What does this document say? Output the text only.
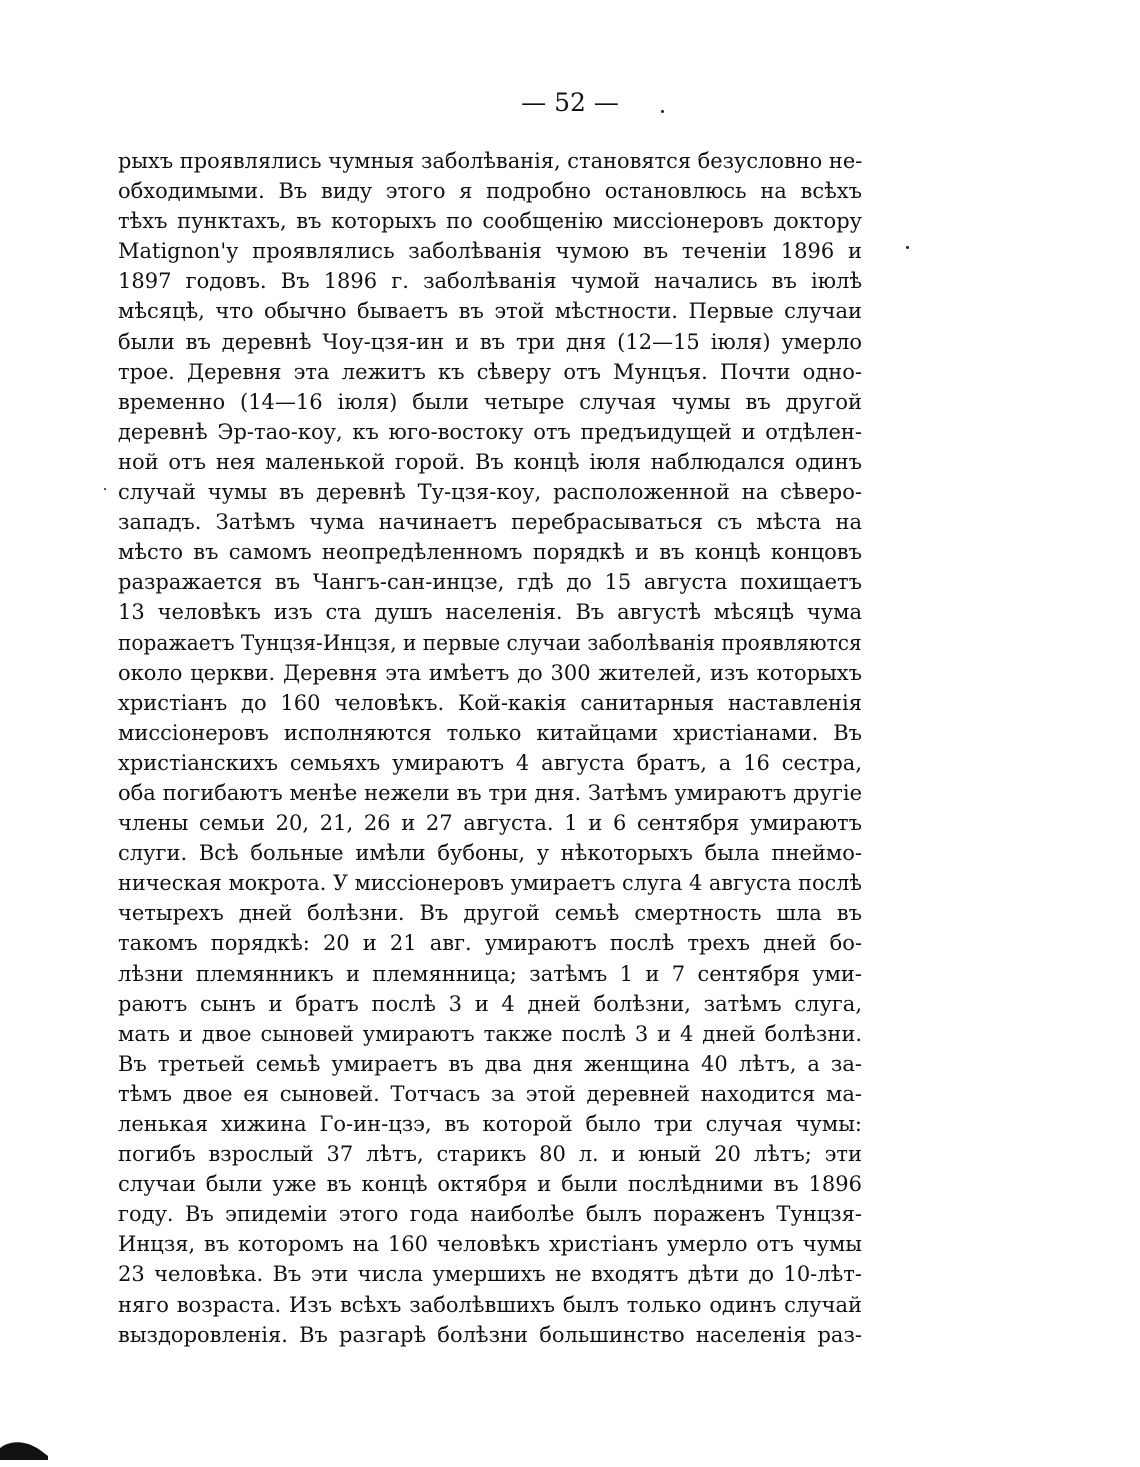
— 52 —
рыхъ проявлялись чумныя заболѣванія, становятся безусловно не-
обходимыми. Въ виду этого я подробно остановлюсь на всѣхъ
тѣхъ пунктахъ, въ которыхъ по сообщенію миссіонеровъ доктору
Matignon'у проявлялись заболѣванія чумою въ теченіи 1896 и
1897 годовъ. Въ 1896 г. заболѣванія чумой начались въ іюлѣ
мѣсяцѣ, что обычно бываетъ въ этой мѣстности. Первые случаи
были въ деревнѣ Чоу-цзя-ин и въ три дня (12—15 іюля) умерло
трое. Деревня эта лежитъ къ сѣверу отъ Мунцъя. Почти одно-
временно (14—16 іюля) были четыре случая чумы въ другой
деревнѣ Эр-тао-коу, къ юго-востоку отъ предъидущей и отдѣлен-
ной отъ нея маленькой горой. Въ концѣ іюля наблюдался одинъ
случай чумы въ деревнѣ Ту-цзя-коу, расположенной на сѣверо-
западъ. Затѣмъ чума начинаетъ перебрасываться съ мѣста на
мѣсто въ самомъ неопредѣленномъ порядкѣ и въ концѣ концовъ
разражается въ Чангъ-сан-инцзе, гдѣ до 15 августа похищаетъ
13 человѣкъ изъ ста душъ населенія. Въ августѣ мѣсяцѣ чума
поражаетъ Тунцзя-Инцзя, и первые случаи заболѣванія проявляются
около церкви. Деревня эта имѣетъ до 300 жителей, изъ которыхъ
христіанъ до 160 человѣкъ. Кой-какія санитарныя наставленія
миссіонеровъ исполняются только китайцами христіанами. Въ
христіанскихъ семьяхъ умираютъ 4 августа братъ, а 16 сестра,
оба погибаютъ менѣе нежели въ три дня. Затѣмъ умираютъ другіе
члены семьи 20, 21, 26 и 27 августа. 1 и 6 сентября умираютъ
слуги. Всѣ больные имѣли бубоны, у нѣкоторыхъ была пнеймо-
ническая мокрота. У миссіонеровъ умираетъ слуга 4 августа послѣ
четырехъ дней болѣзни. Въ другой семьѣ смертность шла въ
такомъ порядкѣ: 20 и 21 авг. умираютъ послѣ трехъ дней бо-
лѣзни племянникъ и племянница; затѣмъ 1 и 7 сентября уми-
раютъ сынъ и братъ послѣ 3 и 4 дней болѣзни, затѣмъ слуга,
мать и двое сыновей умираютъ также послѣ 3 и 4 дней болѣзни.
Въ третьей семьѣ умираетъ въ два дня женщина 40 лѣтъ, а за-
тѣмъ двое ея сыновей. Тотчасъ за этой деревней находится ма-
ленькая хижина Го-ин-цзэ, въ которой было три случая чумы:
погибъ взрослый 37 лѣтъ, старикъ 80 л. и юный 20 лѣтъ; эти
случаи были уже въ концѣ октября и были послѣдними въ 1896
году. Въ эпидеміи этого года наиболѣе былъ пораженъ Тунцзя-
Инцзя, въ которомъ на 160 человѣкъ христіанъ умерло отъ чумы
23 человѣка. Въ эти числа умершихъ не входятъ дѣти до 10-лѣт-
няго возраста. Изъ всѣхъ заболѣвшихъ былъ только одинъ случай
выздоровленія. Въ разгарѣ болѣзни большинство населенія раз-
